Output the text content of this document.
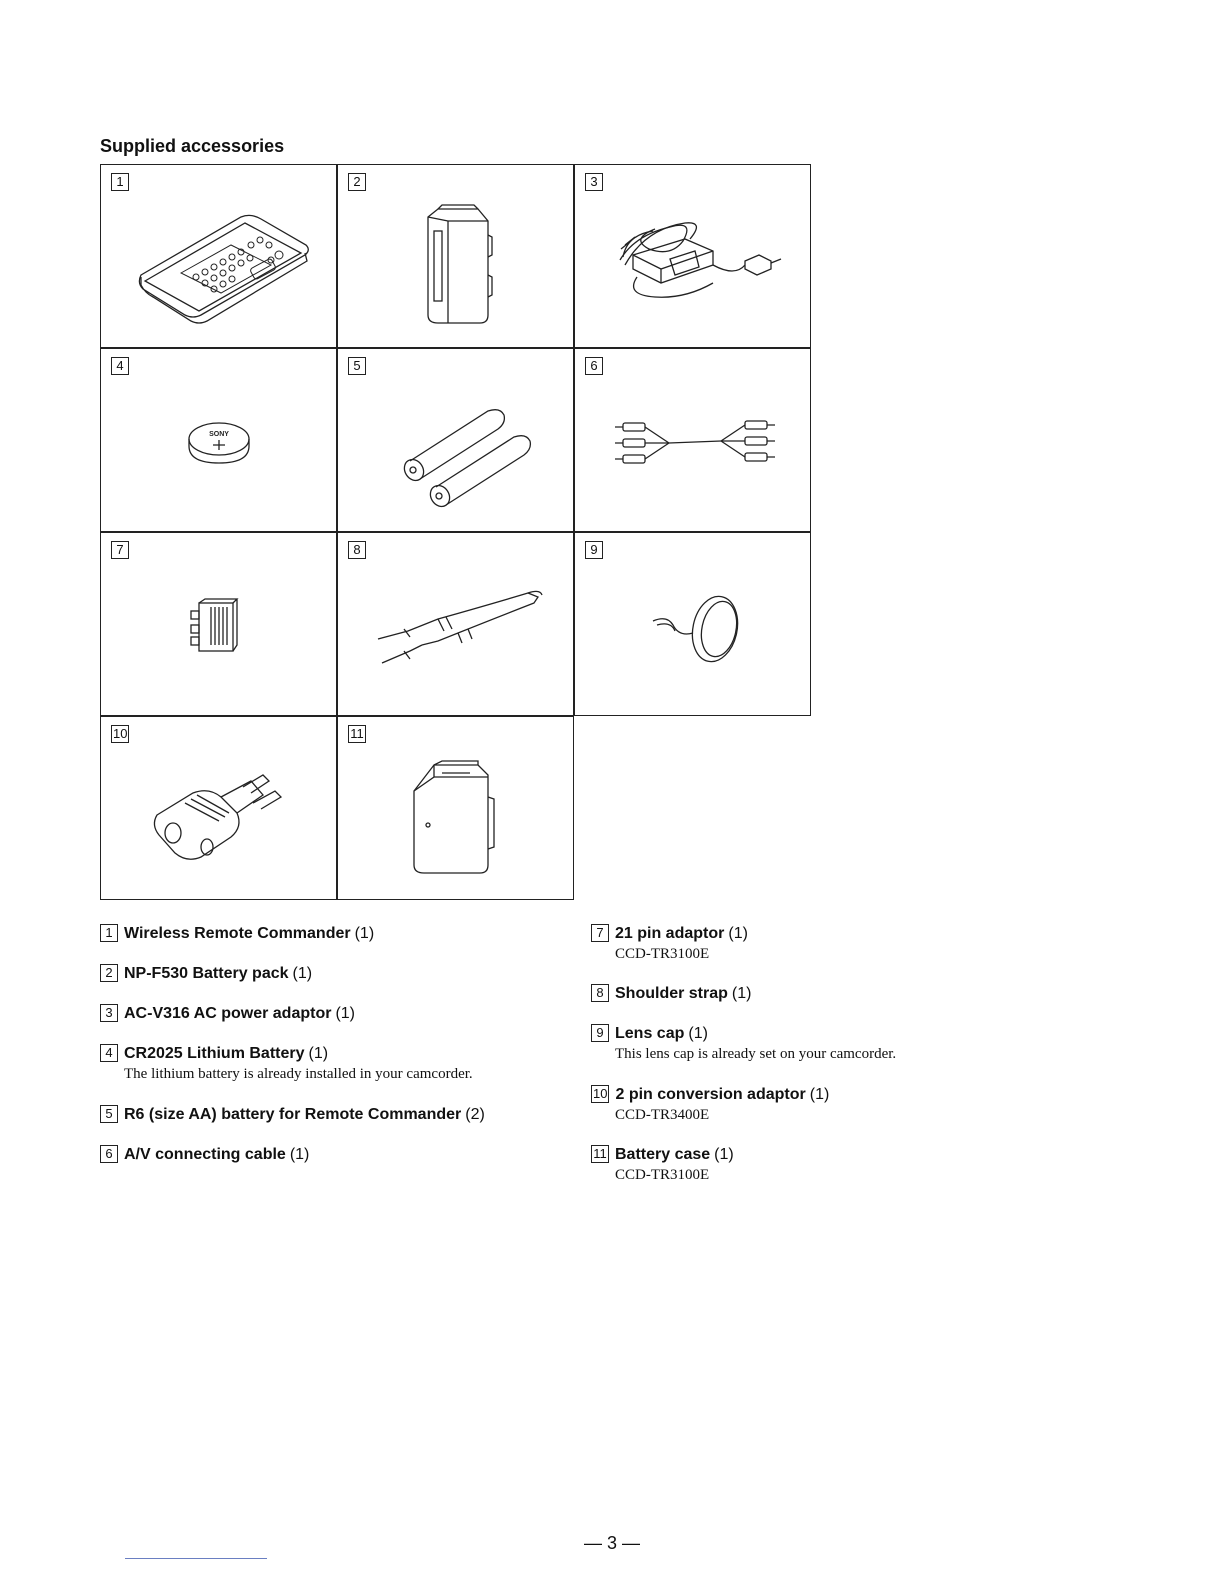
Supplied accessories
1	2	3
4
SONY
5	6
7	8	9
10	11
1 Wireless Remote Commander (1)
2 NP-F530 Battery pack (1)
3 AC-V316 AC power adaptor (1)
4 CR2025 Lithium Battery (1)
The lithium battery is already installed in your camcorder.
5 R6 (size AA) battery for Remote Commander (2)
6 A/V connecting cable (1)
7 21 pin adaptor (1)
CCD-TR3100E
8 Shoulder strap (1)
9 Lens cap (1)
This lens cap is already set on your camcorder.
10 2 pin conversion adaptor (1)
CCD-TR3400E
11 Battery case (1)
CCD-TR3100E
— 3 —
